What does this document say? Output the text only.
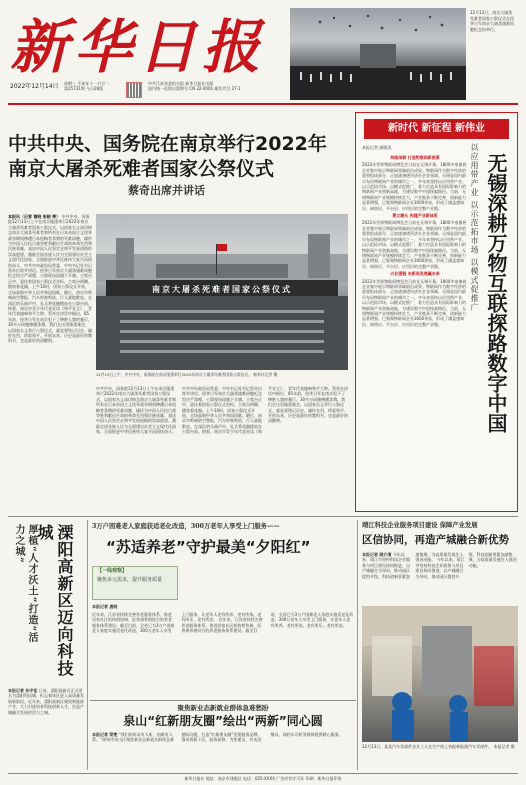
新华日报
2022年12月14日	星期三 壬寅年十一月廿一
第25731期 今日28版
中共江苏省委机关报 新华日报社出版
国内统一连续出版物号 CN 32-0001 邮发代号 27-1
12月13日，南京大屠杀死难者国家公祭仪式在侵华日军南京大屠杀遇难同胞纪念馆举行。
中共中央、国务院在南京举行2022年
南京大屠杀死难者国家公祭仪式
蔡奇出席并讲话
本报讯（记者 谢晓 张晓 等） 中共中央、国务院12月13日上午在南京隆重举行2022年南京大屠杀死难者国家公祭仪式，以国家名义深切悼念南京大屠杀死难者和所有在日本帝国主义侵华战争期间惨遭日本侵略者杀戮的死难同胞，缅怀为中国人民抗日战争胜利献出生命的革命先烈和民族英雄，表达中国人民坚定走和平发展道路的崇高愿望，激励全国各族人民为全面建设社会主义现代化国家、全面推进中华民族伟大复兴而团结奋斗。中共中央政治局常委、中央书记处书记蔡奇出席并讲话。侵华日军南京大屠杀遇难同胞纪念馆庄严肃穆，公祭现场国旗下半旗。主席台正中，悬挂着国家公祭仪式会标。主席台两侧，摆放着花圈。上午10时，国家公祭仪式开始，全场高唱中华人民共和国国歌。随后，南京市鸣响防空警报，汽车停驶鸣笛，行人就地默哀。在深沉的乐曲声中，礼兵将花圈摆放在公祭台前。接着，南京市青少年代表宣读《和平宣言》，青年代表撞响和平大钟。蔡奇在讲话中指出，85年前，侵华日军在南京犯下了惨绝人寰的暴行，30多万同胞惨遭杀戮。我们在这里隆重集会，以国家名义举行公祭仪式，就是要铭记历史、缅怀先烈、珍爱和平、开创未来。历史是最好的教科书，也是最好的清醒剂。
南京大屠杀死难者国家公祭仪式
12月13日上午，中共中央、国务院在南京隆重举行2022年南京大屠杀死难者国家公祭仪式。 新华社记者 摄
中共中央、国务院12月13日上午在南京隆重举行2022年南京大屠杀死难者国家公祭仪式，以国家名义深切悼念南京大屠杀死难者和所有在日本帝国主义侵华战争期间惨遭日本侵略者杀戮的死难同胞，缅怀为中国人民抗日战争胜利献出生命的革命先烈和民族英雄，表达中国人民坚定走和平发展道路的崇高愿望，激励全国各族人民为全面建设社会主义现代化国家、全面推进中华民族伟大复兴而团结奋斗。中共中央政治局常委、中央书记处书记蔡奇出席并讲话。侵华日军南京大屠杀遇难同胞纪念馆庄严肃穆，公祭现场国旗下半旗。主席台正中，悬挂着国家公祭仪式会标。主席台两侧，摆放着花圈。上午10时，国家公祭仪式开始，全场高唱中华人民共和国国歌。随后，南京市鸣响防空警报，汽车停驶鸣笛，行人就地默哀。在深沉的乐曲声中，礼兵将花圈摆放在公祭台前。接着，南京市青少年代表宣读《和平宣言》，青年代表撞响和平大钟。蔡奇在讲话中指出，85年前，侵华日军在南京犯下了惨绝人寰的暴行，30多万同胞惨遭杀戮。我们在这里隆重集会，以国家名义举行公祭仪式，就是要铭记历史、缅怀先烈、珍爱和平、开创未来。历史是最好的教科书，也是最好的清醒剂。
新时代 新征程 新伟业
本报记者 浦敏清
持续深耕 打造物联网新图景
2022年世界物联网博览会日前在无锡开幕，1800多家参展企业集中展示物联网领域前沿成果。物联网作为数字经济的重要组成部分，正加速渗透经济社会各领域。无锡是国内最早布局物联网产业的城市之一，多年来坚持以应用带产业、以示范拓市场、以模式促推广，着力打造具有国际影响力的物联网产业创新高地，为建设数字中国探索路径。当前，无锡物联网产业规模持续壮大，产业链条不断完善，创新能力显著增强，已集聚物联网企业3000余家，形成了涵盖感知层、网络层、平台层、应用层的完整产业链。
勇立潮头 构建产业新体系
2022年世界物联网博览会日前在无锡开幕，1800多家参展企业集中展示物联网领域前沿成果。物联网作为数字经济的重要组成部分，正加速渗透经济社会各领域。无锡是国内最早布局物联网产业的城市之一，多年来坚持以应用带产业、以示范拓市场、以模式促推广，着力打造具有国际影响力的物联网产业创新高地，为建设数字中国探索路径。当前，无锡物联网产业规模持续壮大，产业链条不断完善，创新能力显著增强，已集聚物联网企业3000余家，形成了涵盖感知层、网络层、平台层、应用层的完整产业链。
兴业强链 布新局发展赢未来
2022年世界物联网博览会日前在无锡开幕，1800多家参展企业集中展示物联网领域前沿成果。物联网作为数字经济的重要组成部分，正加速渗透经济社会各领域。无锡是国内最早布局物联网产业的城市之一，多年来坚持以应用带产业、以示范拓市场、以模式促推广，着力打造具有国际影响力的物联网产业创新高地，为建设数字中国探索路径。当前，无锡物联网产业规模持续壮大，产业链条不断完善，创新能力显著增强，已集聚物联网企业3000余家，形成了涵盖感知层、网络层、平台层、应用层的完整产业链。	无锡深耕万物互联探路数字中国
以应用带产业 以示范拓市场 以模式促推广
厚植“人才沃土”打造“活力之城”	溧阳高新区迈向科技城
本报记者 孙宇佳 日前，溧阳高新区正式更名为溧阳科技城，标志着该区进入高质量发展新阶段。近年来，溧阳高新区聚焦新能源产业，大力引进培育科技创新人才，打造产城融合发展的活力之城。
3万户困难老人家庭获适老化改造，300万老年人享受上门服务——
“苏适养老”守护最美“夕阳红”
【一线观察】
聚焦多元需求，提升服务质量
本报记者 唐晓
近年来，江苏省持续完善养老服务体系，推进居家社区机构相协调、医养康养相结合的养老服务体系建设。截至目前，全省已为3万户困难老人家庭实施适老化改造，300万老年人享受上门服务，让老年人老有所养、老有所依、老有所乐、老有所安。 近年来，江苏省持续完善养老服务体系，推进居家社区机构相协调、医养康养相结合的养老服务体系建设。截至目前，全省已为3万户困难老人家庭实施适老化改造，300万老年人享受上门服务，让老年人老有所养、老有所依、老有所乐、老有所安。
聚焦新业态新就业群体急难愁盼
泉山“红新朋友圈”绘出“两新”同心圆
本报记者 梁雯 “我们的诉求有人听、困难有人帮。”徐州市泉山区聚焦新业态新就业群体急难愁盼问题，打造“红新朋友圈”党建服务品牌，推动资源下沉、服务前移，为快递员、外卖送餐员、网约车司机等群体提供暖心服务。
靖江科技企业服务项目建设 保障产业发展
区信协同，再造产城融合新优势
本报记者 顾介清 今年以来，靖江市坚持科技企业服务与项目建设协同推进，以产城融合为导向，推动园区提档升级，科技创新要素加速集聚，为高质量发展注入强劲动能。 今年以来，靖江市坚持科技企业服务与项目建设协同推进，以产城融合为导向，推动园区提档升级，科技创新要素加速集聚，为高质量发展注入强劲动能。
12月13日，某某汽车零部件企业工人在生产线上装配新能源汽车零部件。 本报记者 摄
新华日报社 地址：南京市建邺区 电话：025-XXXX 广告经营许可证 印刷：新华日报印务
